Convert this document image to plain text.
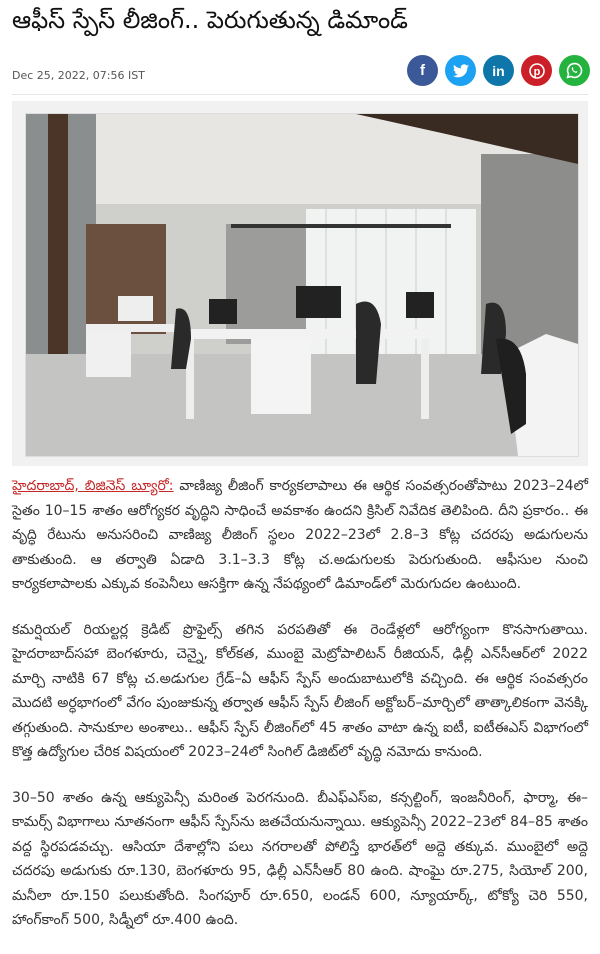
ఆఫీస్ స్పేస్ లీజింగ్.. పెరుగుతున్న డిమాండ్
Dec 25, 2022, 07:56 IST	f	in	p

హైదరాబాద్, బిజినెస్ బ్యూరో: వాణిజ్య లీజింగ్ కార్యకలాపాలు ఈ ఆర్థిక సంవత్సరంతోపాటు 2023–24లో సైతం 10–15 శాతం ఆరోగ్యకర వృద్ధిని సాధించే అవకాశం ఉందని క్రిసిల్ నివేదిక తెలిపింది. దీని ప్రకారం.. ఈ వృద్ధి రేటును అనుసరించి వాణిజ్య లీజింగ్ స్థలం 2022–23లో 2.8–3 కోట్ల చదరపు అడుగులను తాకుతుంది. ఆ తర్వాతి ఏడాది 3.1–3.3 కోట్ల చ.అడుగులకు పెరుగుతుంది. ఆఫీసుల నుంచి కార్యకలాపాలకు ఎక్కువ కంపెనీలు ఆసక్తిగా ఉన్న నేపథ్యంలో డిమాండ్‌లో మెరుగుదల ఉంటుంది.

కమర్షియల్ రియల్టర్ల క్రెడిట్ ప్రొఫైల్స్ తగిన పరపతితో ఈ రెండేళ్లలో ఆరోగ్యంగా కొనసాగుతాయి. హైదరాబాద్‌సహా బెంగళూరు, చెన్నై, కోల్‌కత, ముంబై మెట్రోపాలిటన్ రీజియన్, ఢిల్లీ ఎన్‌సీఆర్‌లో 2022 మార్చి నాటికి 67 కోట్ల చ.అడుగుల గ్రేడ్–ఏ ఆఫీస్ స్పేస్ అందుబాటులోకి వచ్చింది. ఈ ఆర్థిక సంవత్సరం మొదటి అర్ధభాగంలో వేగం పుంజుకున్న తర్వాత ఆఫీస్ స్పేస్ లీజింగ్ అక్టోబర్–మార్చిలో తాత్కాలికంగా వెనక్కి తగ్గుతుంది. సానుకూల అంశాలు.. ఆఫీస్ స్పేస్ లీజింగ్‌లో 45 శాతం వాటా ఉన్న ఐటీ, ఐటీఈఎస్ విభాగంలో కొత్త ఉద్యోగుల చేరిక విషయంలో 2023–24లో సింగిల్ డిజిట్‌లో వృద్ధి నమోదు కానుంది.

30–50 శాతం ఉన్న ఆక్యుపెన్సీ మరింత పెరగనుంది. బీఎఫ్ఎస్ఐ, కన్సల్టింగ్, ఇంజనీరింగ్, ఫార్మా, ఈ–కామర్స్ విభాగాలు నూతనంగా ఆఫీస్ స్పేస్‌ను జతచేయనున్నాయి. ఆక్యుపెన్సీ 2022–23లో 84–85 శాతం వద్ద స్థిరపడవచ్చు. ఆసియా దేశాల్లోని పలు నగరాలతో పోలిస్తే భారత్‌లో అద్దె తక్కువ. ముంబైలో అద్దె చదరపు అడుగుకు రూ.130, బెంగళూరు 95, ఢిల్లీ ఎన్‌సీఆర్ 80 ఉంది. షాంఘై రూ.275, సియోల్ 200, మనీలా రూ.150 పలుకుతోంది. సింగపూర్ రూ.650, లండన్ 600, న్యూయార్క్, టోక్యో చెరి 550, హాంగ్‌కాంగ్ 500, సిడ్నీలో రూ.400 ఉంది.
